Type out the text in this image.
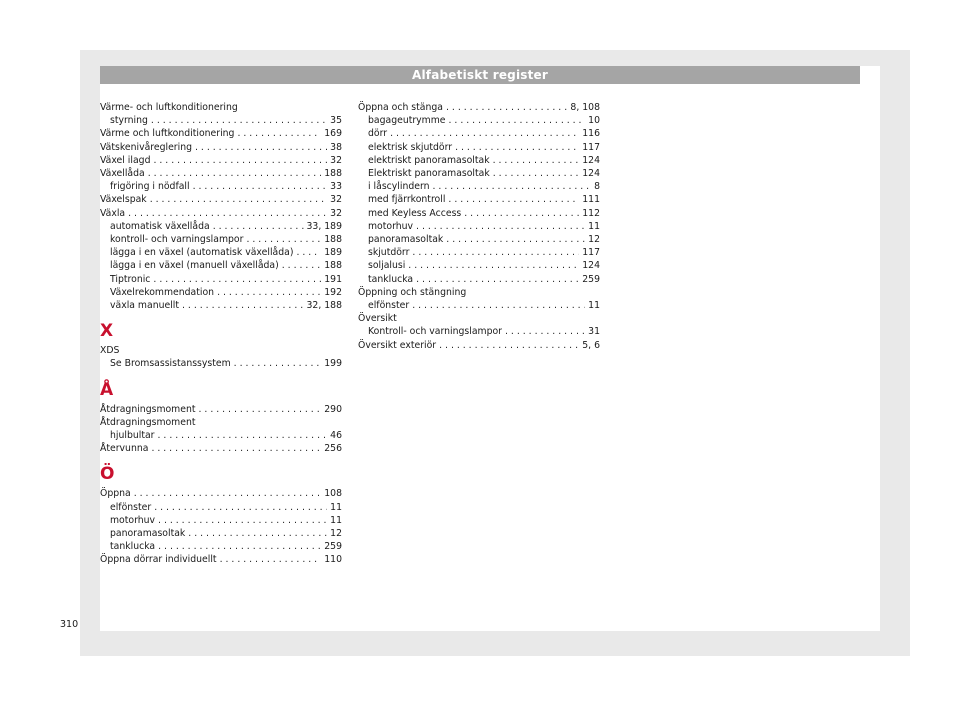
Alfabetiskt register
Värme- och luftkonditionering
styrning . . .	35
Värme och luftkonditionering . . .	169
Vätskenivåreglering . . .	38
Växel ilagd . . .	32
Växellåda . . .	188
frigöring i nödfall . . .	33
Växelspak . . .	32
Växla . . .	32
automatisk växellåda . . .	33, 189
kontroll- och varningslampor . . .	188
lägga i en växel (automatisk växellåda) . . .	189
lägga i en växel (manuell växellåda) . . .	188
Tiptronic . . .	191
Växelrekommendation . . .	192
växla manuellt . . .	32, 188
X
XDS
Se Bromsassistanssystem . . .	199
Å
Åtdragningsmoment . . .	290
Åtdragningsmoment
hjulbultar . . .	46
Återvunna . . .	256
Ö
Öppna . . .	108
elfönster . . .	11
motorhuv . . .	11
panoramasoltak . . .	12
tanklucka . . .	259
Öppna dörrar individuellt . . .	110
Öppna och stänga . . .	8, 108
bagageutrymme . . .	10
dörr . . .	116
elektrisk skjutdörr . . .	117
elektriskt panoramasoltak . . .	124
Elektriskt panoramasoltak . . .	124
i låscylindern . . .	8
med fjärrkontroll . . .	111
med Keyless Access . . .	112
motorhuv . . .	11
panoramasoltak . . .	12
skjutdörr . . .	117
soljalusi . . .	124
tanklucka . . .	259
Öppning och stängning
elfönster . . .	11
Översikt
Kontroll- och varningslampor . . .	31
Översikt exteriör . . .	5, 6
310
